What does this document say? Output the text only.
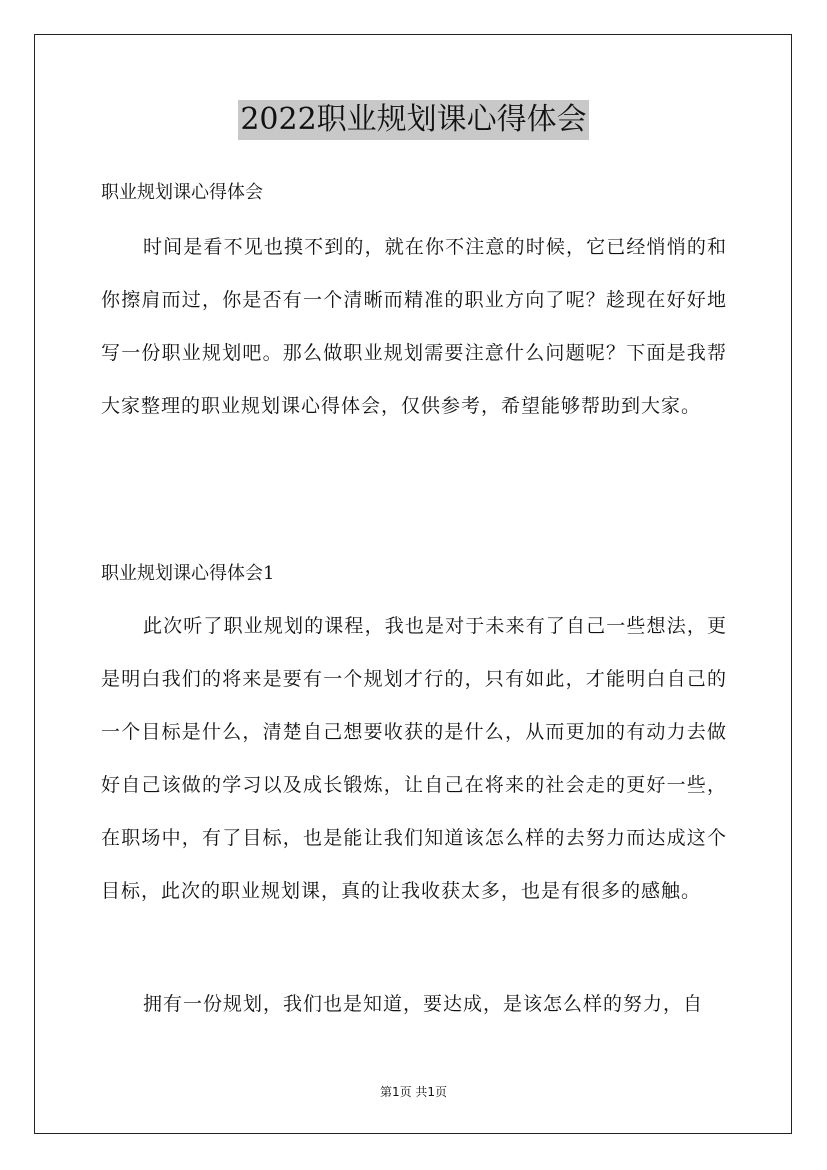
2022职业规划课心得体会
职业规划课心得体会

时间是看不见也摸不到的，就在你不注意的时候，它已经悄悄的和你擦肩而过，你是否有一个清晰而精准的职业方向了呢？趁现在好好地写一份职业规划吧。那么做职业规划需要注意什么问题呢？下面是我帮大家整理的职业规划课心得体会，仅供参考，希望能够帮助到大家。

职业规划课心得体会1

此次听了职业规划的课程，我也是对于未来有了自己一些想法，更是明白我们的将来是要有一个规划才行的，只有如此，才能明白自己的一个目标是什么，清楚自己想要收获的是什么，从而更加的有动力去做好自己该做的学习以及成长锻炼，让自己在将来的社会走的更好一些，在职场中，有了目标，也是能让我们知道该怎么样的去努力而达成这个目标，此次的职业规划课，真的让我收获太多，也是有很多的感触。

拥有一份规划，我们也是知道，要达成，是该怎么样的努力，自

第1页 共1页
